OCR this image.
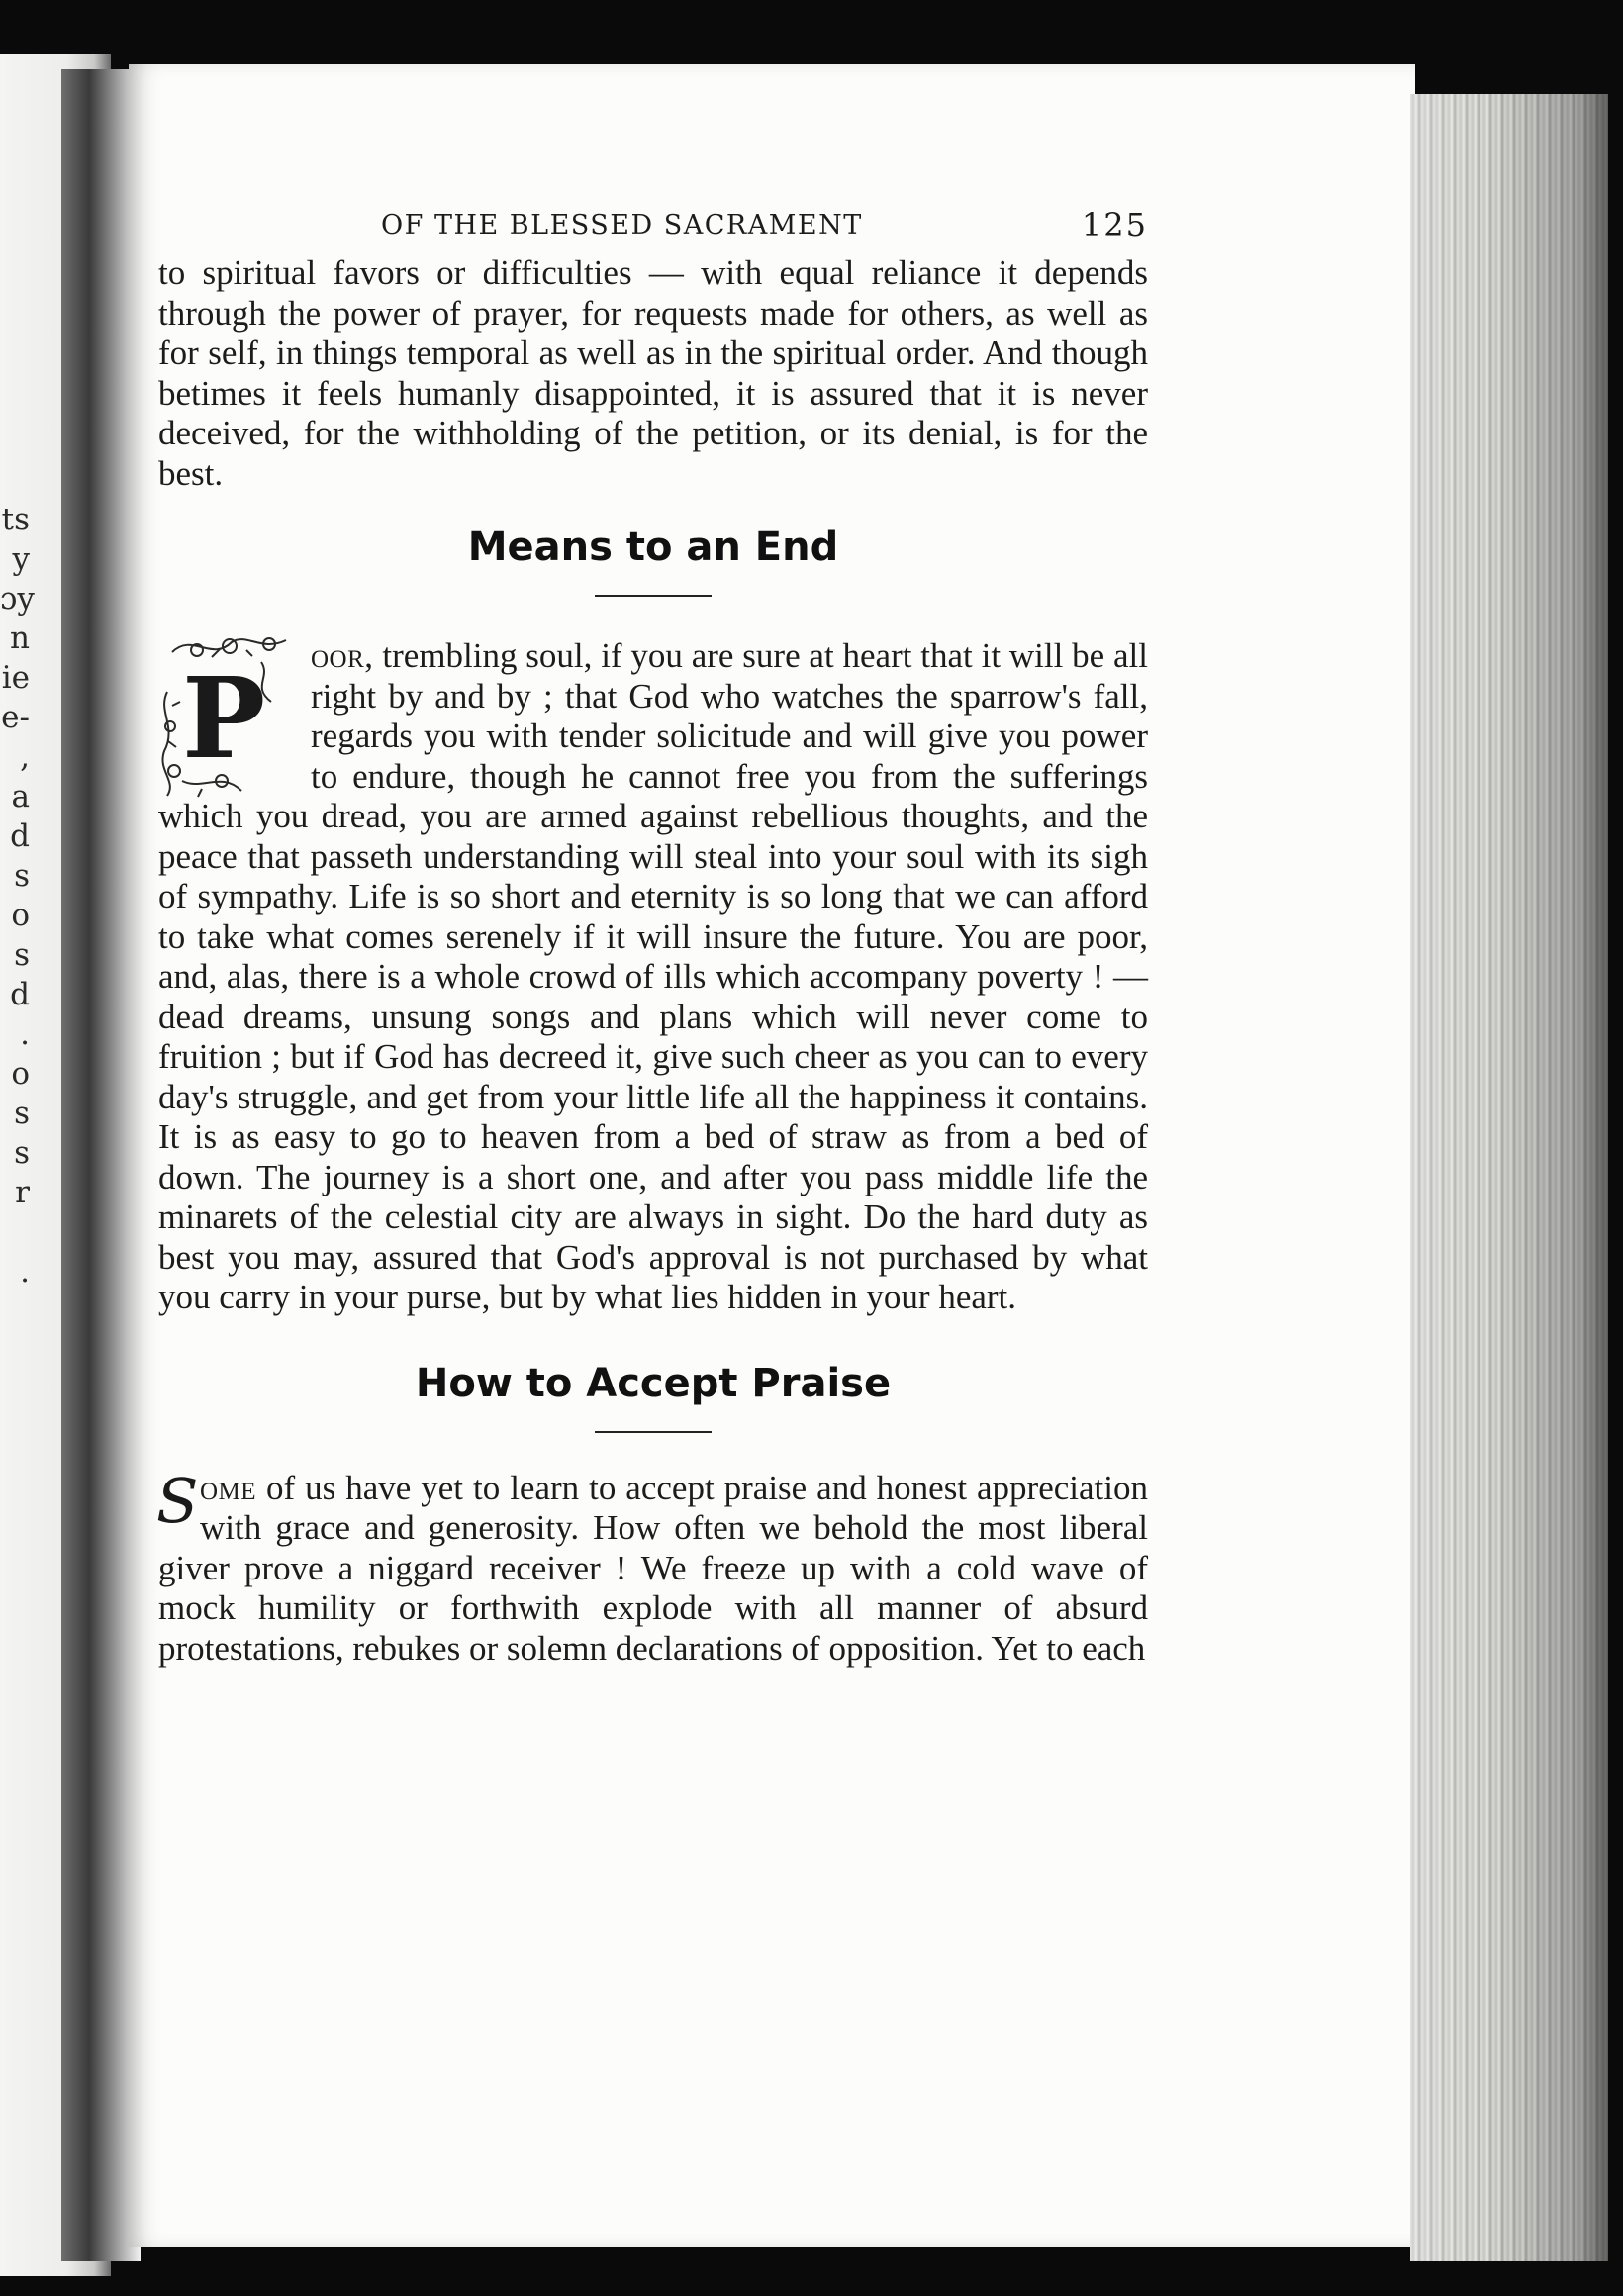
ts
y
ɔy
n
ie
e-
,
a
d
s
o
s
d
.
o
s
s
r
.
OF THE BLESSED SACRAMENT	125

to spiritual favors or difficulties — with equal reliance it depends through the power of prayer, for requests made for others, as well as for self, in things temporal as well as in the spiritual order. And though betimes it feels humanly disappointed, it is assured that it is never deceived, for the withholding of the petition, or its denial, is for the best.

Means to an End
P	oor, trembling soul, if you are sure at heart that it will be all right by and by ; that God who watches the sparrow's fall, regards you with tender solicitude and will give you power to endure, though he cannot free you from the sufferings which you dread, you are armed against rebellious thoughts, and the peace that passeth understanding will steal into your soul with its sigh of sympathy. Life is so short and eternity is so long that we can afford to take what comes serenely if it will insure the future. You are poor, and, alas, there is a whole crowd of ills which accompany poverty ! — dead dreams, unsung songs and plans which will never come to fruition ; but if God has decreed it, give such cheer as you can to every day's struggle, and get from your little life all the happiness it contains. It is as easy to go to heaven from a bed of straw as from a bed of down. The journey is a short one, and after you pass middle life the minarets of the celestial city are always in sight. Do the hard duty as best you may, assured that God's approval is not purchased by what you carry in your purse, but by what lies hidden in your heart.

How to Accept Praise
S ome of us have yet to learn to accept praise and honest appreciation with grace and generosity. How often we behold the most liberal giver prove a niggard receiver ! We freeze up with a cold wave of mock humility or forthwith explode with all manner of absurd protestations, rebukes or solemn declarations of opposition. Yet to each
